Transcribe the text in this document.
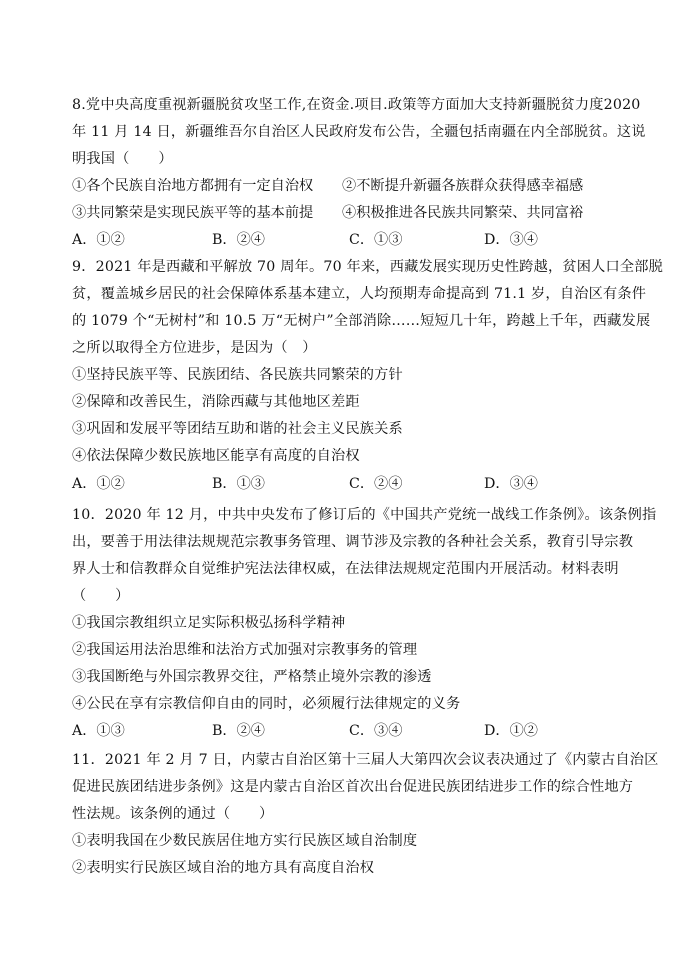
8.党中央高度重视新疆脱贫攻坚工作,在资金.项目.政策等方面加大支持新疆脱贫力度2020
年 11 月 14 日，新疆维吾尔自治区人民政府发布公告，全疆包括南疆在内全部脱贫。这说
明我国（　　）
①各个民族自治地方都拥有一定自治权 ②不断提升新疆各族群众获得感幸福感
③共同繁荣是实现民族平等的基本前提 ④积极推进各民族共同繁荣、共同富裕
A．①②	B．②④	C．①③	D．③④
9．2021 年是西藏和平解放 70 周年。70 年来，西藏发展实现历史性跨越，贫困人口全部脱
贫，覆盖城乡居民的社会保障体系基本建立，人均预期寿命提高到 71.1 岁，自治区有条件
的 1079 个“无树村”和 10.5 万“无树户”全部消除……短短几十年，跨越上千年，西藏发展
之所以取得全方位进步，是因为（　）
①坚持民族平等、民族团结、各民族共同繁荣的方针
②保障和改善民生，消除西藏与其他地区差距
③巩固和发展平等团结互助和谐的社会主义民族关系
④依法保障少数民族地区能享有高度的自治权
A．①②	B．①③	C．②④	D．③④
10．2020 年 12 月，中共中央发布了修订后的《中国共产党统一战线工作条例》。该条例指
出，要善于用法律法规规范宗教事务管理、调节涉及宗教的各种社会关系，教育引导宗教
界人士和信教群众自觉维护宪法法律权威，在法律法规规定范围内开展活动。材料表明
（　　）
①我国宗教组织立足实际积极弘扬科学精神
②我国运用法治思维和法治方式加强对宗教事务的管理
③我国断绝与外国宗教界交往，严格禁止境外宗教的渗透
④公民在享有宗教信仰自由的同时，必须履行法律规定的义务
A．①③	B．②④	C．③④	D．①②
11．2021 年 2 月 7 日，内蒙古自治区第十三届人大第四次会议表决通过了《内蒙古自治区
促进民族团结进步条例》这是内蒙古自治区首次出台促进民族团结进步工作的综合性地方
性法规。该条例的通过（　　）
①表明我国在少数民族居住地方实行民族区域自治制度
②表明实行民族区域自治的地方具有高度自治权
